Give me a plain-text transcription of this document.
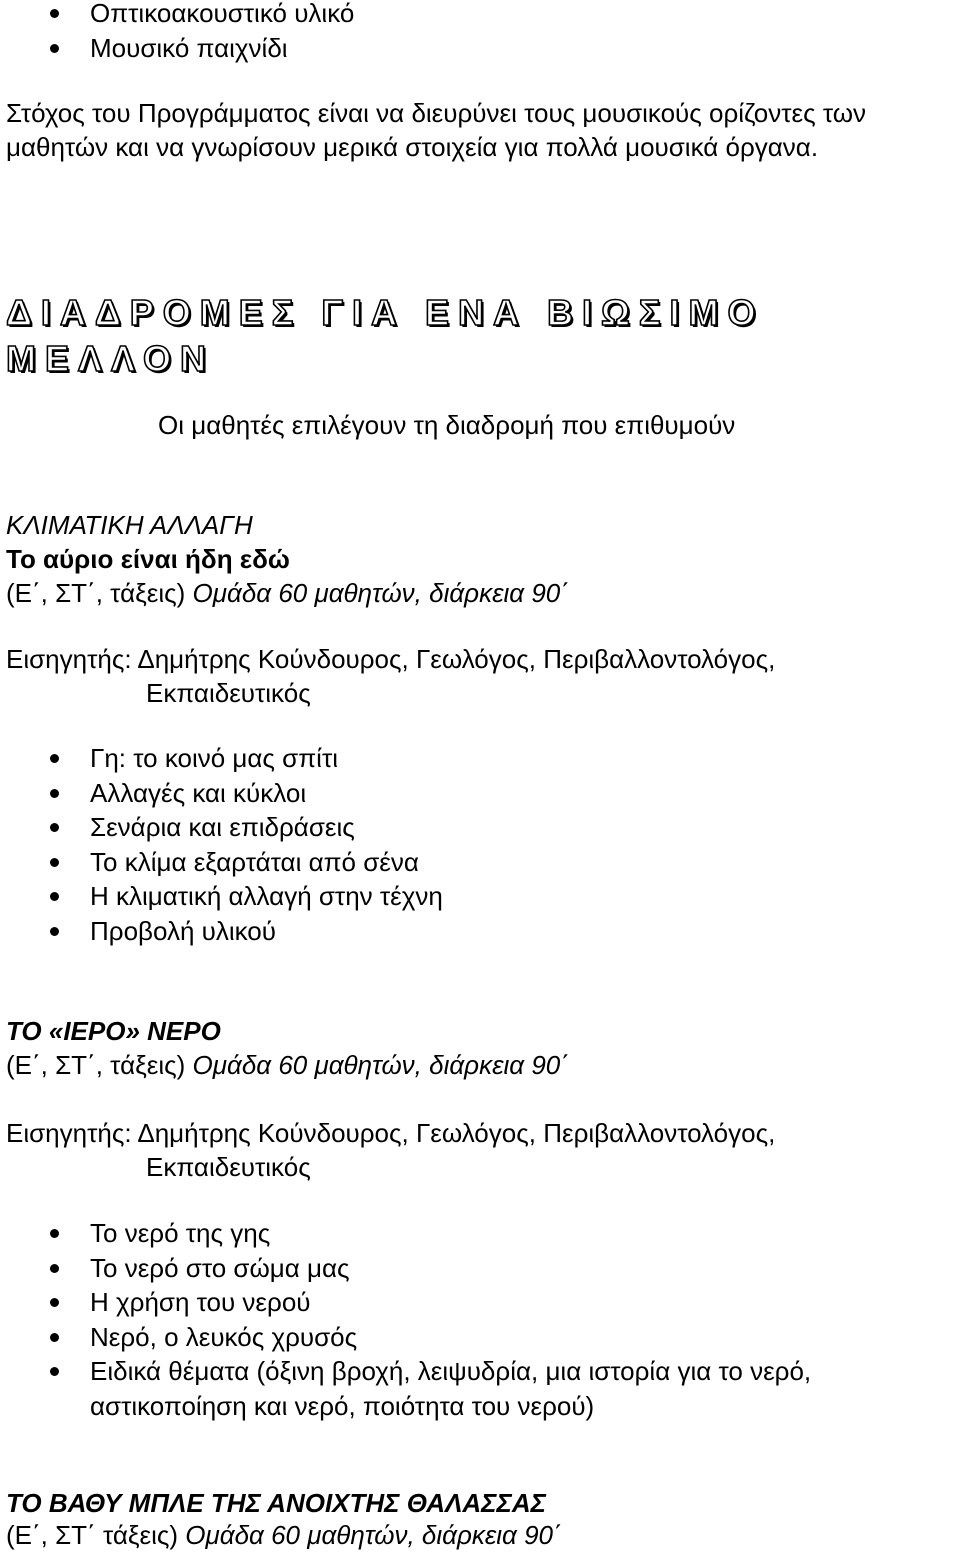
Οπτικοακουστικό υλικό
Μουσικό παιχνίδι
Στόχος του Προγράμματος είναι να διευρύνει τους μουσικούς ορίζοντες των
μαθητών και να γνωρίσουν μερικά στοιχεία για πολλά μουσικά όργανα.
ΔΙΑΔΡΟΜΕΣ ΓΙΑ ΕΝΑ ΒΙΩΣΙΜΟ
ΜΕΛΛΟΝ
Οι μαθητές επιλέγουν τη διαδρομή που επιθυμούν
ΚΛΙΜΑΤΙΚΗ ΑΛΛΑΓΗ
Το αύριο είναι ήδη εδώ
(Ε΄, ΣΤ΄, τάξεις) Ομάδα 60 μαθητών, διάρκεια 90΄
Εισηγητής: Δημήτρης Κούνδουρος, Γεωλόγος, Περιβαλλοντολόγος,
Εκπαιδευτικός
Γη: το κοινό μας σπίτι
Αλλαγές και κύκλοι
Σενάρια και επιδράσεις
Το κλίμα εξαρτάται από σένα
Η κλιματική αλλαγή στην τέχνη
Προβολή υλικού
ΤΟ «ΙΕΡΟ» ΝΕΡΟ
(Ε΄, ΣΤ΄, τάξεις) Ομάδα 60 μαθητών, διάρκεια 90΄
Εισηγητής: Δημήτρης Κούνδουρος, Γεωλόγος, Περιβαλλοντολόγος,
Εκπαιδευτικός
Το νερό της γης
Το νερό στο σώμα μας
Η χρήση του νερού
Νερό, ο λευκός χρυσός
Ειδικά θέματα (όξινη βροχή, λειψυδρία, μια ιστορία για το νερό,
αστικοποίηση και νερό, ποιότητα του νερού)
ΤΟ ΒΑΘΥ ΜΠΛΕ ΤΗΣ ΑΝΟΙΧΤΗΣ ΘΑΛΑΣΣΑΣ
(Ε΄, ΣΤ΄ τάξεις) Ομάδα 60 μαθητών, διάρκεια 90΄
